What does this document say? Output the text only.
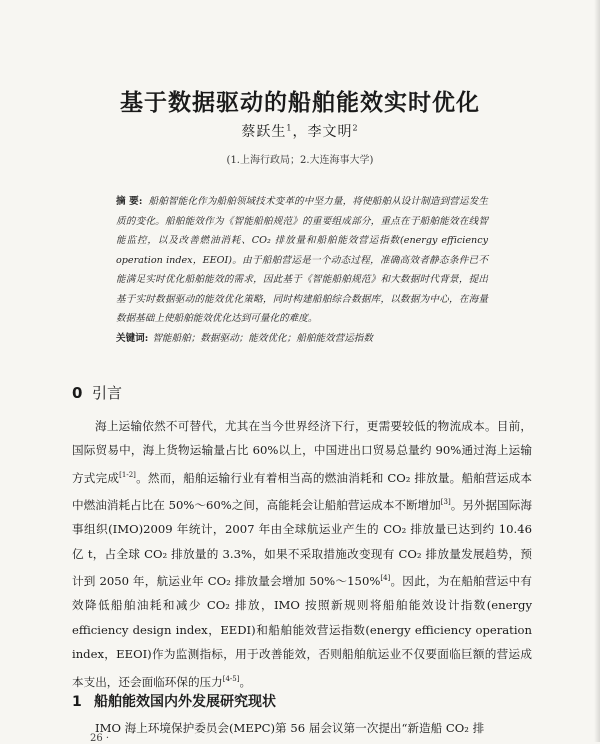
基于数据驱动的船舶能效实时优化
蔡跃生$^1$，李文明$^2$
(1.上海行政局；2.大连海事大学)
摘 要: 船舶智能化作为船舶领域技术变革的中坚力量，将使船舶从设计制造到营运发生质的变化。船舶能效作为《智能船舶规范》的重要组成部分，重点在于船舶能效在线智能监控，以及改善燃油消耗、CO₂ 排放量和船舶能效营运指数(energy efficiency operation index，EEOI)。由于船舶营运是一个动态过程，准确高效者静态条件已不能满足实时优化船舶能效的需求，因此基于《智能船舶规范》和大数据时代背景，提出基于实时数据驱动的能效优化策略，同时构建船舶综合数据库，以数据为中心，在海量数据基础上使船舶能效优化达到可量化的难度。
关键词: 智能船舶；数据驱动；能效优化；船舶能效营运指数
0 引言
海上运输依然不可替代，尤其在当今世界经济下行，更需要较低的物流成本。目前，国际贸易中，海上货物运输量占比 60%以上，中国进出口贸易总量约 90%通过海上运输方式完成[1-2]。然而，船舶运输行业有着相当高的燃油消耗和 CO₂ 排放量。船舶营运成本中燃油消耗占比在 50%～60%之间，高能耗会让船舶营运成本不断增加[3]。另外据国际海事组织(IMO)2009 年统计，2007 年由全球航运业产生的 CO₂ 排放量已达到约 10.46 亿 t，占全球 CO₂ 排放量的 3.3%，如果不采取措施改变现有 CO₂ 排放量发展趋势，预计到 2050 年，航运业年 CO₂ 排放量会增加 50%～150%[4]。因此，为在船舶营运中有效降低船舶油耗和减少 CO₂ 排放，IMO 按照新规则将船舶能效设计指数(energy efficiency design index，EEDI)和船舶能效营运指数(energy efficiency operation index，EEOI)作为监测指标，用于改善能效，否则船舶航运业不仅要面临巨额的营运成本支出，还会面临环保的压力[4-5]。
1 船舶能效国内外发展研究现状
IMO 海上环境保护委员会(MEPC)第 56 届会议第一次提出“新造船 CO₂ 排
26 ·
